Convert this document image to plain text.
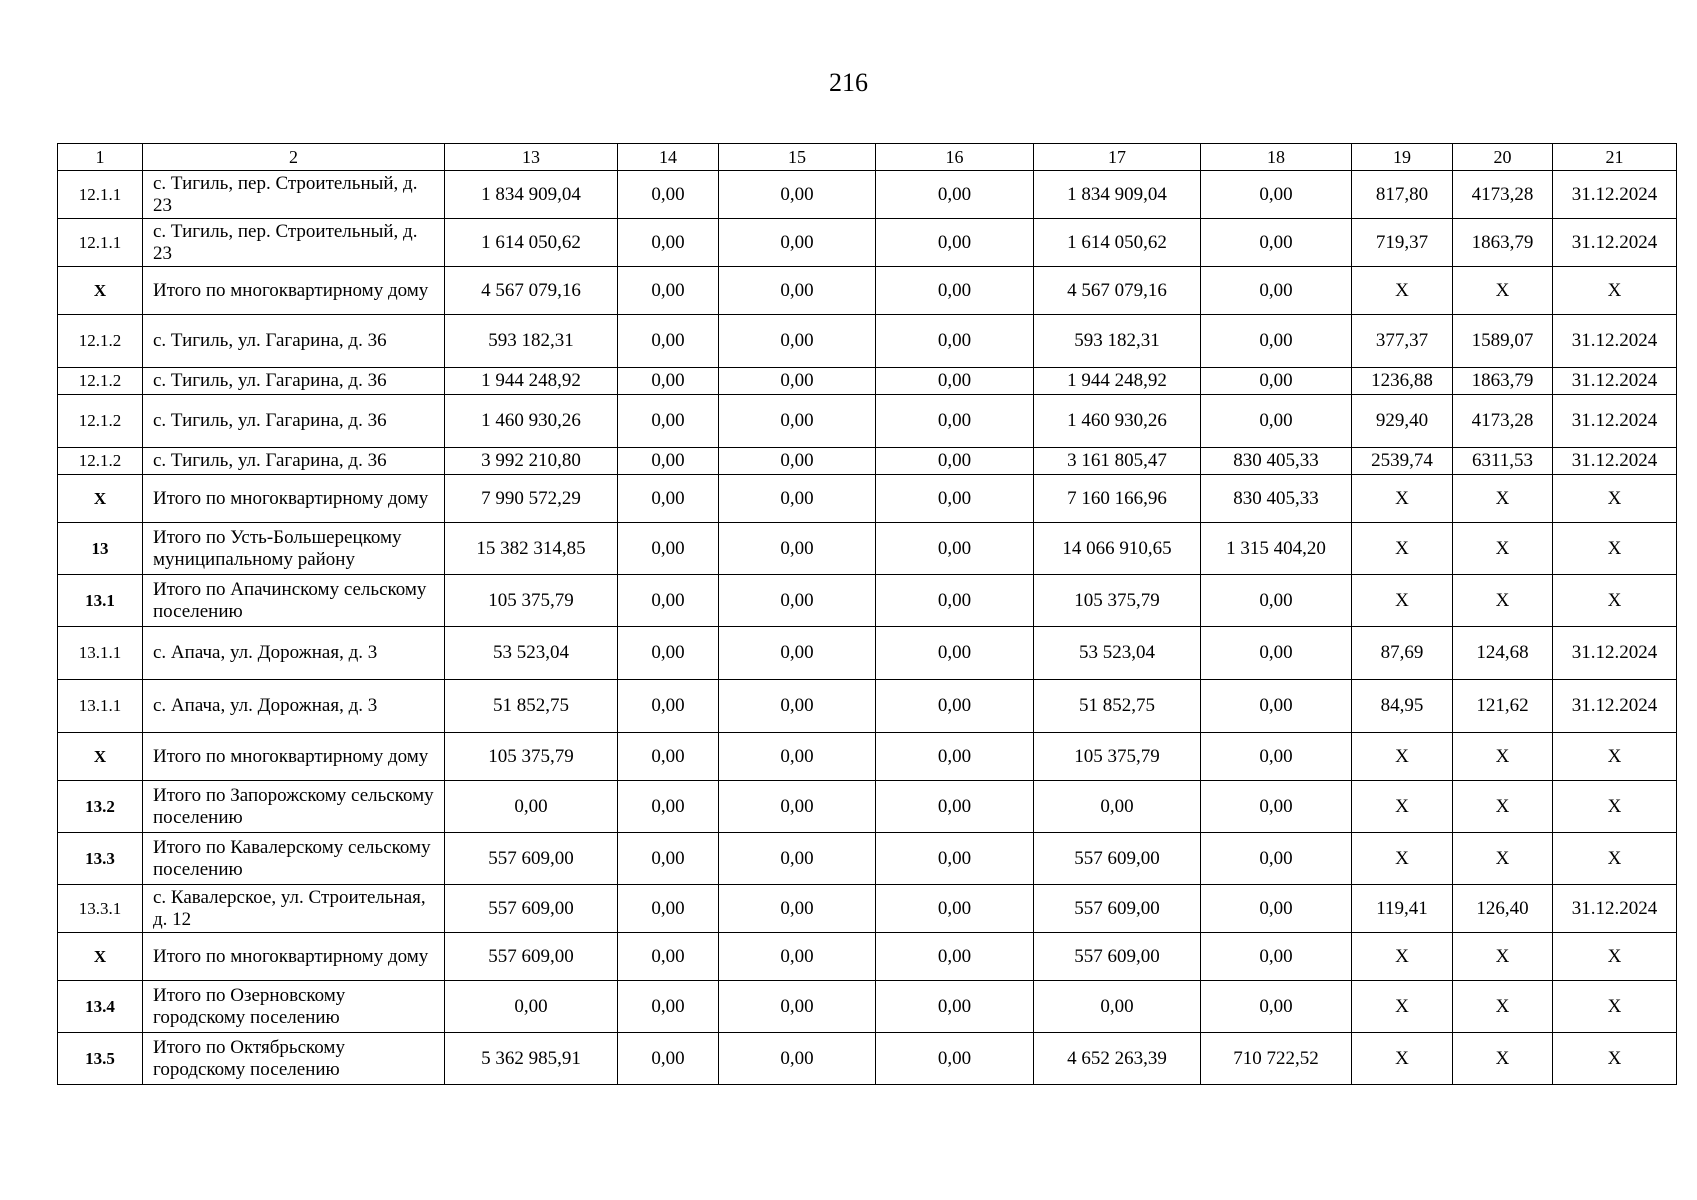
216
1	2	13	14	15	16	17	18	19	20	21
12.1.1	с. Тигиль, пер. Строительный, д. 23	1 834 909,04	0,00	0,00	0,00	1 834 909,04	0,00	817,80	4173,28	31.12.2024
12.1.1	с. Тигиль, пер. Строительный, д. 23	1 614 050,62	0,00	0,00	0,00	1 614 050,62	0,00	719,37	1863,79	31.12.2024
X	Итого по многоквартирному дому	4 567 079,16	0,00	0,00	0,00	4 567 079,16	0,00	X	X	X
12.1.2	с. Тигиль, ул. Гагарина, д. 36	593 182,31	0,00	0,00	0,00	593 182,31	0,00	377,37	1589,07	31.12.2024
12.1.2	с. Тигиль, ул. Гагарина, д. 36	1 944 248,92	0,00	0,00	0,00	1 944 248,92	0,00	1236,88	1863,79	31.12.2024
12.1.2	с. Тигиль, ул. Гагарина, д. 36	1 460 930,26	0,00	0,00	0,00	1 460 930,26	0,00	929,40	4173,28	31.12.2024
12.1.2	с. Тигиль, ул. Гагарина, д. 36	3 992 210,80	0,00	0,00	0,00	3 161 805,47	830 405,33	2539,74	6311,53	31.12.2024
X	Итого по многоквартирному дому	7 990 572,29	0,00	0,00	0,00	7 160 166,96	830 405,33	X	X	X
13	Итого по Усть-Большерецкому муниципальному району	15 382 314,85	0,00	0,00	0,00	14 066 910,65	1 315 404,20	X	X	X
13.1	Итого по Апачинскому сельскому поселению	105 375,79	0,00	0,00	0,00	105 375,79	0,00	X	X	X
13.1.1	с. Апача, ул. Дорожная, д. 3	53 523,04	0,00	0,00	0,00	53 523,04	0,00	87,69	124,68	31.12.2024
13.1.1	с. Апача, ул. Дорожная, д. 3	51 852,75	0,00	0,00	0,00	51 852,75	0,00	84,95	121,62	31.12.2024
X	Итого по многоквартирному дому	105 375,79	0,00	0,00	0,00	105 375,79	0,00	X	X	X
13.2	Итого по Запорожскому сельскому поселению	0,00	0,00	0,00	0,00	0,00	0,00	X	X	X
13.3	Итого по Кавалерскому сельскому поселению	557 609,00	0,00	0,00	0,00	557 609,00	0,00	X	X	X
13.3.1	с. Кавалерское, ул. Строительная, д. 12	557 609,00	0,00	0,00	0,00	557 609,00	0,00	119,41	126,40	31.12.2024
X	Итого по многоквартирному дому	557 609,00	0,00	0,00	0,00	557 609,00	0,00	X	X	X
13.4	Итого по Озерновскому городскому поселению	0,00	0,00	0,00	0,00	0,00	0,00	X	X	X
13.5	Итого по Октябрьскому городскому поселению	5 362 985,91	0,00	0,00	0,00	4 652 263,39	710 722,52	X	X	X
